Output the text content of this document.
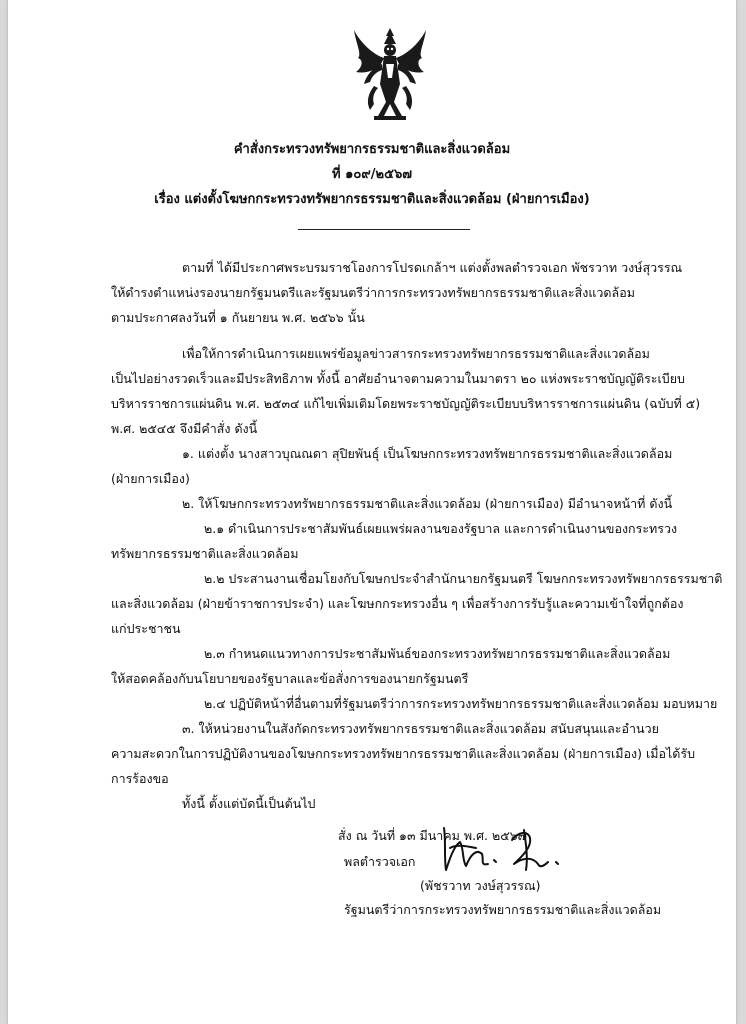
คำสั่งกระทรวงทรัพยากรธรรมชาติและสิ่งแวดล้อม
ที่ ๑๐๙/๒๕๖๗
เรื่อง แต่งตั้งโฆษกกระทรวงทรัพยากรธรรมชาติและสิ่งแวดล้อม (ฝ่ายการเมือง)
ตามที่ ได้มีประกาศพระบรมราชโองการโปรดเกล้าฯ แต่งตั้งพลตำรวจเอก พัชรวาท วงษ์สุวรรณ
ให้ดำรงตำแหน่งรองนายกรัฐมนตรีและรัฐมนตรีว่าการกระทรวงทรัพยากรธรรมชาติและสิ่งแวดล้อม
ตามประกาศลงวันที่ ๑ กันยายน พ.ศ. ๒๕๖๖ นั้น
เพื่อให้การดำเนินการเผยแพร่ข้อมูลข่าวสารกระทรวงทรัพยากรธรรมชาติและสิ่งแวดล้อม
เป็นไปอย่างรวดเร็วและมีประสิทธิภาพ ทั้งนี้ อาศัยอำนาจตามความในมาตรา ๒๐ แห่งพระราชบัญญัติระเบียบ
บริหารราชการแผ่นดิน พ.ศ. ๒๕๓๔ แก้ไขเพิ่มเติมโดยพระราชบัญญัติระเบียบบริหารราชการแผ่นดิน (ฉบับที่ ๕)
พ.ศ. ๒๕๔๕ จึงมีคำสั่ง ดังนี้
๑. แต่งตั้ง นางสาวบุณณดา สุปิยพันธุ์ เป็นโฆษกกระทรวงทรัพยากรธรรมชาติและสิ่งแวดล้อม
(ฝ่ายการเมือง)
๒. ให้โฆษกกระทรวงทรัพยากรธรรมชาติและสิ่งแวดล้อม (ฝ่ายการเมือง) มีอำนาจหน้าที่ ดังนี้
๒.๑ ดำเนินการประชาสัมพันธ์เผยแพร่ผลงานของรัฐบาล และการดำเนินงานของกระทรวง
ทรัพยากรธรรมชาติและสิ่งแวดล้อม
๒.๒ ประสานงานเชื่อมโยงกับโฆษกประจำสำนักนายกรัฐมนตรี โฆษกกระทรวงทรัพยากรธรรมชาติ
และสิ่งแวดล้อม (ฝ่ายข้าราชการประจำ) และโฆษกกระทรวงอื่น ๆ เพื่อสร้างการรับรู้และความเข้าใจที่ถูกต้อง
แก่ประชาชน
๒.๓ กำหนดแนวทางการประชาสัมพันธ์ของกระทรวงทรัพยากรธรรมชาติและสิ่งแวดล้อม
ให้สอดคล้องกับนโยบายของรัฐบาลและข้อสั่งการของนายกรัฐมนตรี
๒.๔ ปฏิบัติหน้าที่อื่นตามที่รัฐมนตรีว่าการกระทรวงทรัพยากรธรรมชาติและสิ่งแวดล้อม มอบหมาย
๓. ให้หน่วยงานในสังกัดกระทรวงทรัพยากรธรรมชาติและสิ่งแวดล้อม สนับสนุนและอำนวย
ความสะดวกในการปฏิบัติงานของโฆษกกระทรวงทรัพยากรธรรมชาติและสิ่งแวดล้อม (ฝ่ายการเมือง) เมื่อได้รับ
การร้องขอ
ทั้งนี้ ตั้งแต่บัดนี้เป็นต้นไป
สั่ง ณ วันที่ ๑๓ มีนาคม พ.ศ. ๒๕๖๗
พลตำรวจเอก
(พัชรวาท วงษ์สุวรรณ)
รัฐมนตรีว่าการกระทรวงทรัพยากรธรรมชาติและสิ่งแวดล้อม
